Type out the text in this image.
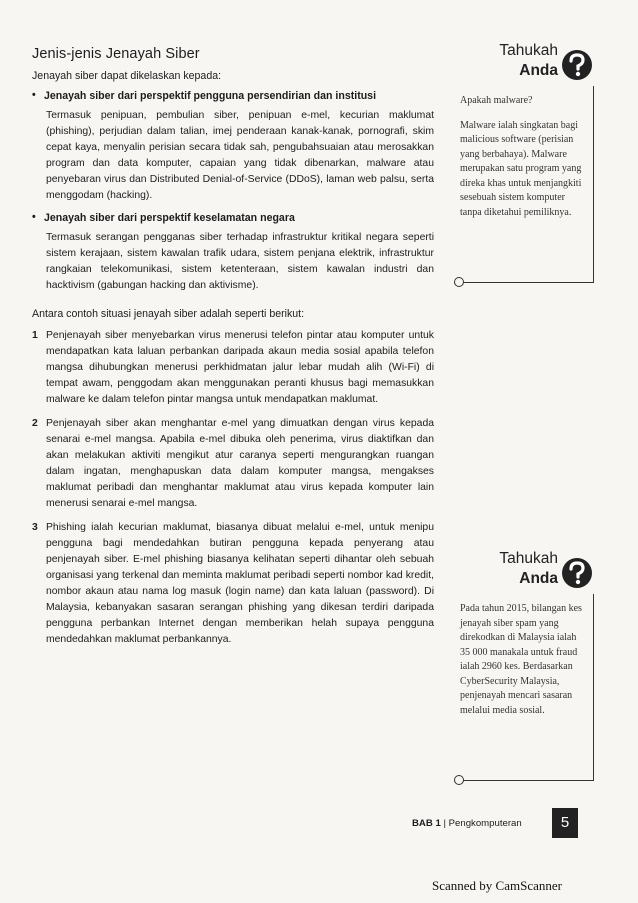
Jenis-jenis Jenayah Siber

Jenayah siber dapat dikelaskan kepada:

• Jenayah siber dari perspektif pengguna persendirian dan institusi

Termasuk penipuan, pembulian siber, penipuan e-mel, kecurian maklumat (phishing), perjudian dalam talian, imej penderaan kanak-kanak, pornografi, skim cepat kaya, menyalin perisian secara tidak sah, pengubahsuaian atau merosakkan program dan data komputer, capaian yang tidak dibenarkan, malware atau penyebaran virus dan Distributed Denial-of-Service (DDoS), laman web palsu, serta menggodam (hacking).

• Jenayah siber dari perspektif keselamatan negara

Termasuk serangan pengganas siber terhadap infrastruktur kritikal negara seperti sistem kerajaan, sistem kawalan trafik udara, sistem penjana elektrik, infrastruktur rangkaian telekomunikasi, sistem ketenteraan, sistem kawalan industri dan hacktivism (gabungan hacking dan aktivisme).

Antara contoh situasi jenayah siber adalah seperti berikut:

1 Penjenayah siber menyebarkan virus menerusi telefon pintar atau komputer untuk mendapatkan kata laluan perbankan daripada akaun media sosial apabila telefon mangsa dihubungkan menerusi perkhidmatan jalur lebar mudah alih (Wi-Fi) di tempat awam, penggodam akan menggunakan peranti khusus bagi memasukkan malware ke dalam telefon pintar mangsa untuk mendapatkan maklumat.

2 Penjenayah siber akan menghantar e-mel yang dimuatkan dengan virus kepada senarai e-mel mangsa. Apabila e-mel dibuka oleh penerima, virus diaktifkan dan akan melakukan aktiviti mengikut atur caranya seperti mengurangkan ruangan dalam ingatan, menghapuskan data dalam komputer mangsa, mengakses maklumat peribadi dan menghantar maklumat atau virus kepada komputer lain menerusi senarai e-mel mangsa.

3 Phishing ialah kecurian maklumat, biasanya dibuat melalui e-mel, untuk menipu pengguna bagi mendedahkan butiran pengguna kepada penyerang atau penjenayah siber. E-mel phishing biasanya kelihatan seperti dihantar oleh sebuah organisasi yang terkenal dan meminta maklumat peribadi seperti nombor kad kredit, nombor akaun atau nama log masuk (login name) dan kata laluan (password). Di Malaysia, kebanyakan sasaran serangan phishing yang dikesan terdiri daripada pengguna perbankan Internet dengan memberikan helah supaya pengguna mendedahkan maklumat perbankannya.

Tahukah
Anda

Apakah malware?

Malware ialah singkatan bagi malicious software (perisian yang berbahaya). Malware merupakan satu program yang direka khas untuk menjangkiti sesebuah sistem komputer tanpa diketahui pemiliknya.

Tahukah
Anda

Pada tahun 2015, bilangan kes jenayah siber spam yang direkodkan di Malaysia ialah 35 000 manakala untuk fraud ialah 2960 kes. Berdasarkan CyberSecurity Malaysia, penjenayah mencari sasaran melalui media sosial.

BAB 1 | Pengkomputeran	5
Scanned by CamScanner
